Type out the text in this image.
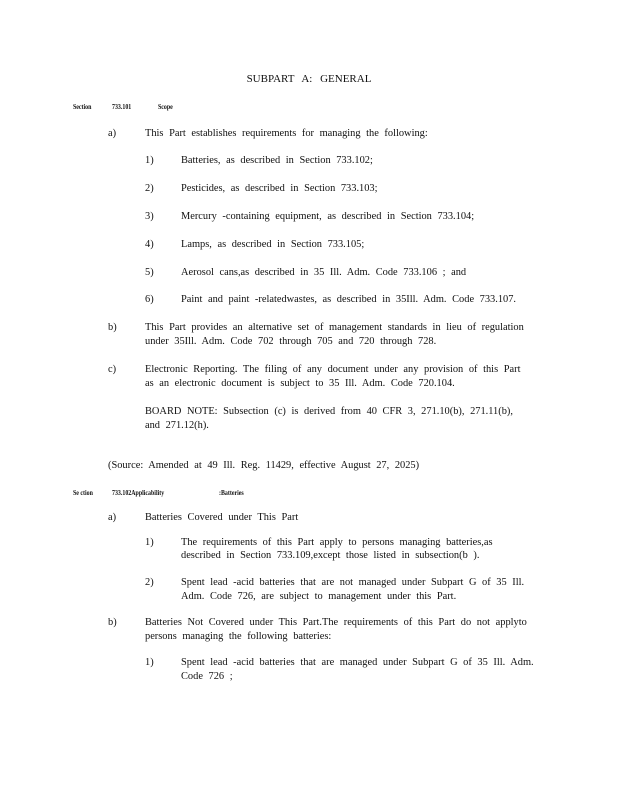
SUBPART A: GENERAL
Section	733.101	Scope
a)	This Part establishes requirements for managing the following:
1)	Batteries, as described in Section 733.102;
2)	Pesticides, as described in Section 733.103;
3)	Mercury -containing equipment, as described in Section 733.104;
4)	Lamps, as described in Section 733.105;
5)	Aerosol cans,as described in 35 Ill. Adm. Code 733.106 ; and
6)	Paint and paint -relatedwastes, as described in 35Ill. Adm. Code 733.107.
b)	This Part provides an alternative set of management standards in lieu of regulation
under 35Ill. Adm. Code 702 through 705 and 720 through 728.
c)	Electronic Reporting. The filing of any document under any provision of this Part
as an electronic document is subject to 35 Ill. Adm. Code 720.104.
BOARD NOTE: Subsection (c) is derived from 40 CFR 3, 271.10(b), 271.11(b),
and 271.12(h).
(Source: Amended at 49 Ill. Reg. 11429, effective August 27, 2025)
Se ction	733.102Applicability	:Batteries
a)	Batteries Covered under This Part
1)	The requirements of this Part apply to persons managing batteries,as
described in Section 733.109,except those listed in subsection(b ).
2)	Spent lead -acid batteries that are not managed under Subpart G of 35 Ill.
Adm. Code 726, are subject to management under this Part.
b)	Batteries Not Covered under This Part.The requirements of this Part do not applyto
persons managing the following batteries:
1)	Spent lead -acid batteries that are managed under Subpart G of 35 Ill. Adm.
Code 726 ;
